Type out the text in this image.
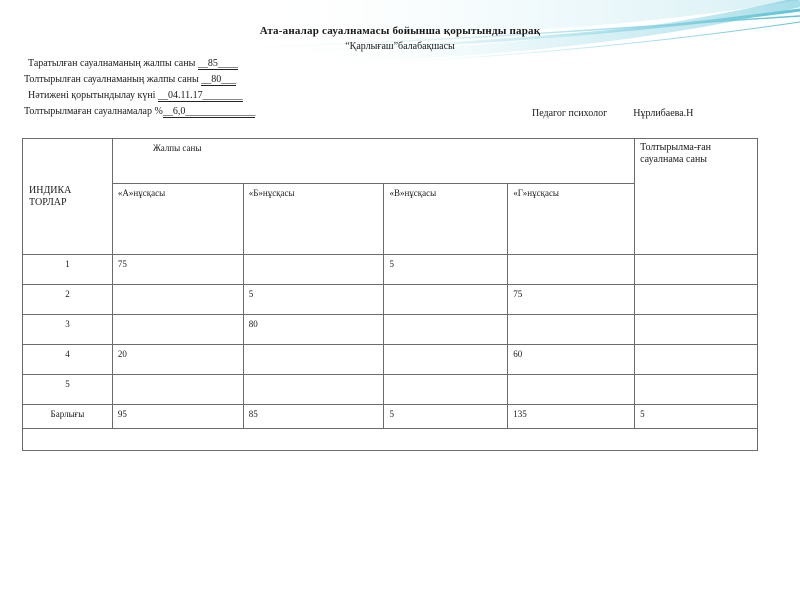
Ата-аналар сауалнамасы бойынша қорытынды парақ
“Қарлығаш”балабақшасы
Таратылған сауалнаманың жалпы саны __85____
Толтырылған сауалнаманың жалпы саны __80___
Нәтижені қорытындылау күні __04.11.17________
Толтырылмаған сауалнамалар %__6,0______________	Педагог психолог	Нұрлибаева.Н
ИНДИКА ТОРЛАР	Жалпы саны				Толтырылма-ған сауалнама саны
	«А»нұсқасы	«Б»нұсқасы	«В»нұсқасы	«Г»нұсқасы	
1	75		5		
2		5		75	
3		80			
4	20			60	
5					
Барлығы	95	85	5	135	5
